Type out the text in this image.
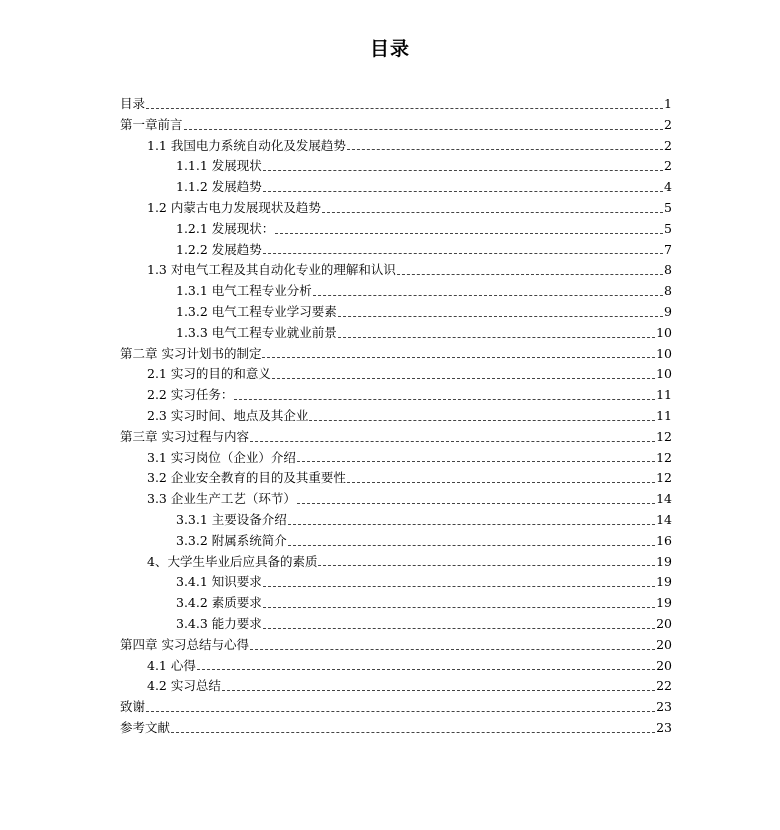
目录
目录	1
第一章前言	2
1.1 我国电力系统自动化及发展趋势	2
1.1.1 发展现状	2
1.1.2 发展趋势	4
1.2 内蒙古电力发展现状及趋势	5
1.2.1 发展现状：	5
1.2.2 发展趋势	7
1.3 对电气工程及其自动化专业的理解和认识	8
1.3.1 电气工程专业分析	8
1.3.2 电气工程专业学习要素	9
1.3.3 电气工程专业就业前景	10
第二章 实习计划书的制定	10
2.1 实习的目的和意义	10
2.2 实习任务：	11
2.3 实习时间、地点及其企业	11
第三章 实习过程与内容	12
3.1 实习岗位（企业）介绍	12
3.2 企业安全教育的目的及其重要性	12
3.3 企业生产工艺（环节）	14
3.3.1 主要设备介绍	14
3.3.2 附属系统简介	16
4、大学生毕业后应具备的素质	19
3.4.1 知识要求	19
3.4.2 素质要求	19
3.4.3 能力要求	20
第四章 实习总结与心得	20
4.1 心得	20
4.2 实习总结	22
致谢	23
参考文献	23
